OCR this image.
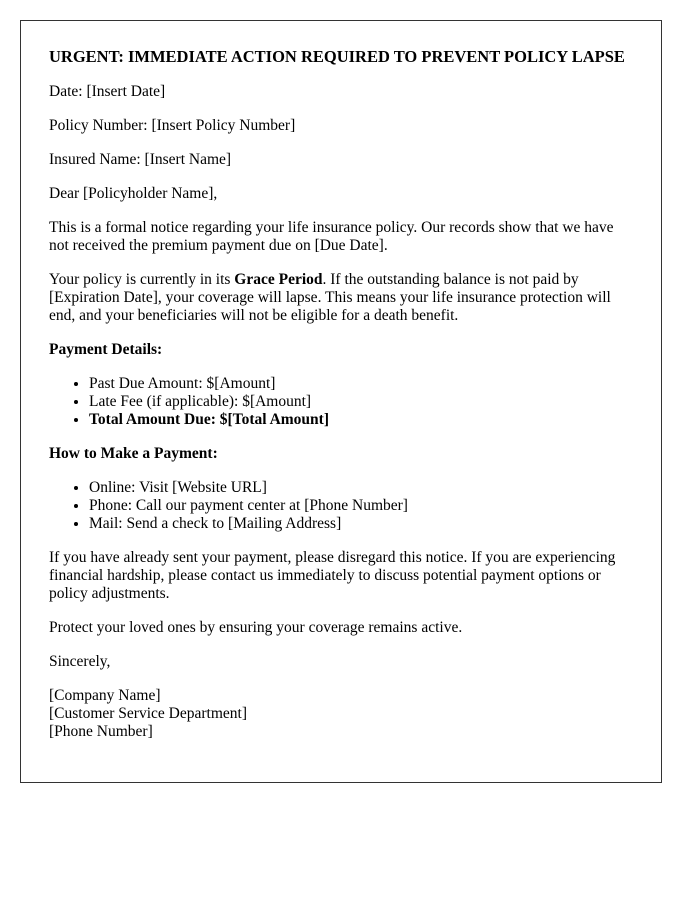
URGENT: IMMEDIATE ACTION REQUIRED TO PREVENT POLICY LAPSE

Date: [Insert Date]

Policy Number: [Insert Policy Number]

Insured Name: [Insert Name]

Dear [Policyholder Name],

This is a formal notice regarding your life insurance policy. Our records show that we have not received the premium payment due on [Due Date].

Your policy is currently in its Grace Period. If the outstanding balance is not paid by [Expiration Date], your coverage will lapse. This means your life insurance protection will end, and your beneficiaries will not be eligible for a death benefit.

Payment Details:

• Past Due Amount: $[Amount]
• Late Fee (if applicable): $[Amount]
• Total Amount Due: $[Total Amount]

How to Make a Payment:

• Online: Visit [Website URL]
• Phone: Call our payment center at [Phone Number]
• Mail: Send a check to [Mailing Address]

If you have already sent your payment, please disregard this notice. If you are experiencing financial hardship, please contact us immediately to discuss potential payment options or policy adjustments.

Protect your loved ones by ensuring your coverage remains active.

Sincerely,

[Company Name]

[Customer Service Department]

[Phone Number]
